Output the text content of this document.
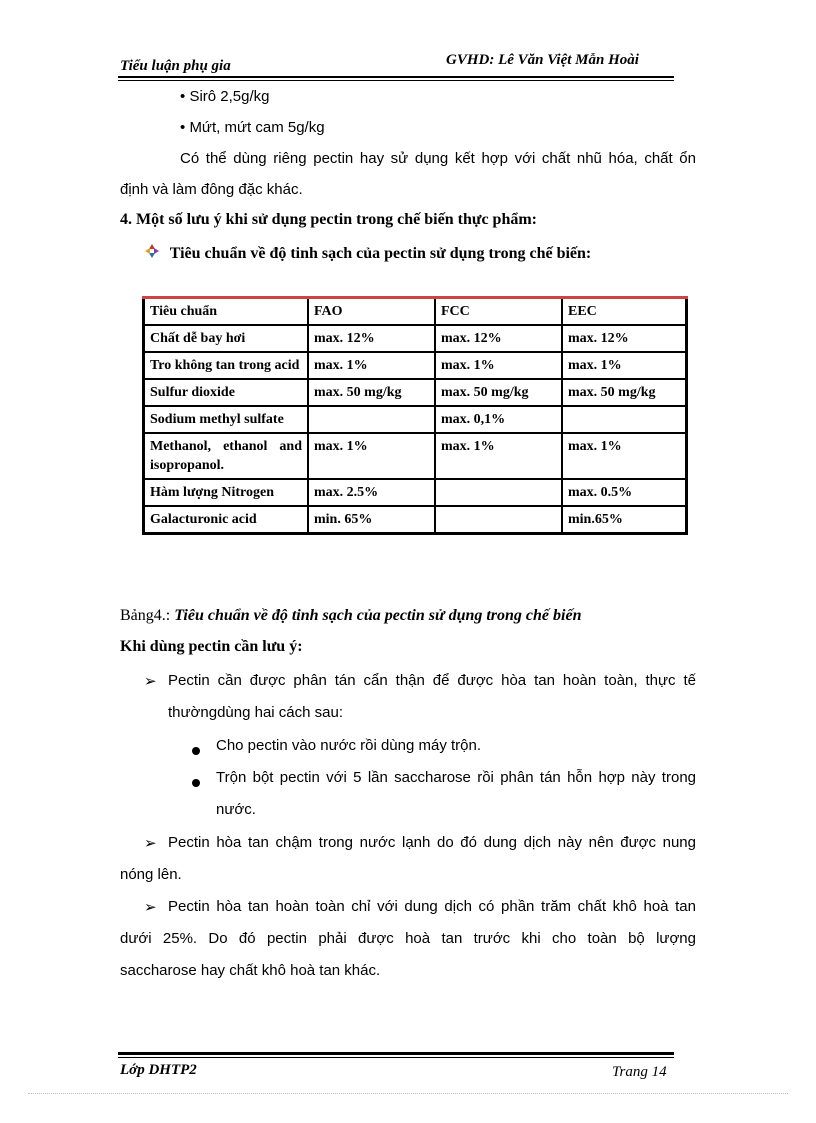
Tiểu luận phụ gia	GVHD: Lê Văn Việt Mẫn Hoài
• Sirô 2,5g/kg
• Mứt, mứt cam 5g/kg
Có thể dùng riêng pectin hay sử dụng kết hợp với chất nhũ hóa, chất ổn
định và làm đông đặc khác.
4. Một số lưu ý khi sử dụng pectin trong chế biến thực phẩm:
Tiêu chuẩn về độ tinh sạch của pectin sử dụng trong chế biến:
Tiêu chuẩn	FAO	FCC	EEC
Chất dễ bay hơi	max. 12%	max. 12%	max. 12%
Tro không tan trong acid	max. 1%	max. 1%	max. 1%
Sulfur dioxide	max. 50 mg/kg	max. 50 mg/kg	max. 50 mg/kg
Sodium methyl sulfate		max. 0,1%	
Methanol, ethanol and isopropanol.	max. 1%	max. 1%	max. 1%
Hàm lượng Nitrogen	max. 2.5%		max. 0.5%
Galacturonic acid	min. 65%		min.65%
Bảng4.: Tiêu chuẩn về độ tinh sạch của pectin sử dụng trong chế biến
Khi dùng pectin cần lưu ý:
➢ Pectin cần được phân tán cẩn thận để được hòa tan hoàn toàn, thực tế
thườngdùng hai cách sau:
Cho pectin vào nước rồi dùng máy trộn.
Trộn bột pectin với 5 lần saccharose rồi phân tán hỗn hợp này trong
nước.
➢ Pectin hòa tan chậm trong nước lạnh do đó dung dịch này nên được nung
nóng lên.
➢ Pectin hòa tan hoàn toàn chỉ với dung dịch có phần trăm chất khô hoà tan
dưới 25%. Do đó pectin phải được hoà tan trước khi cho toàn bộ lượng
saccharose hay chất khô hoà tan khác.
Lớp DHTP2	Trang 14
